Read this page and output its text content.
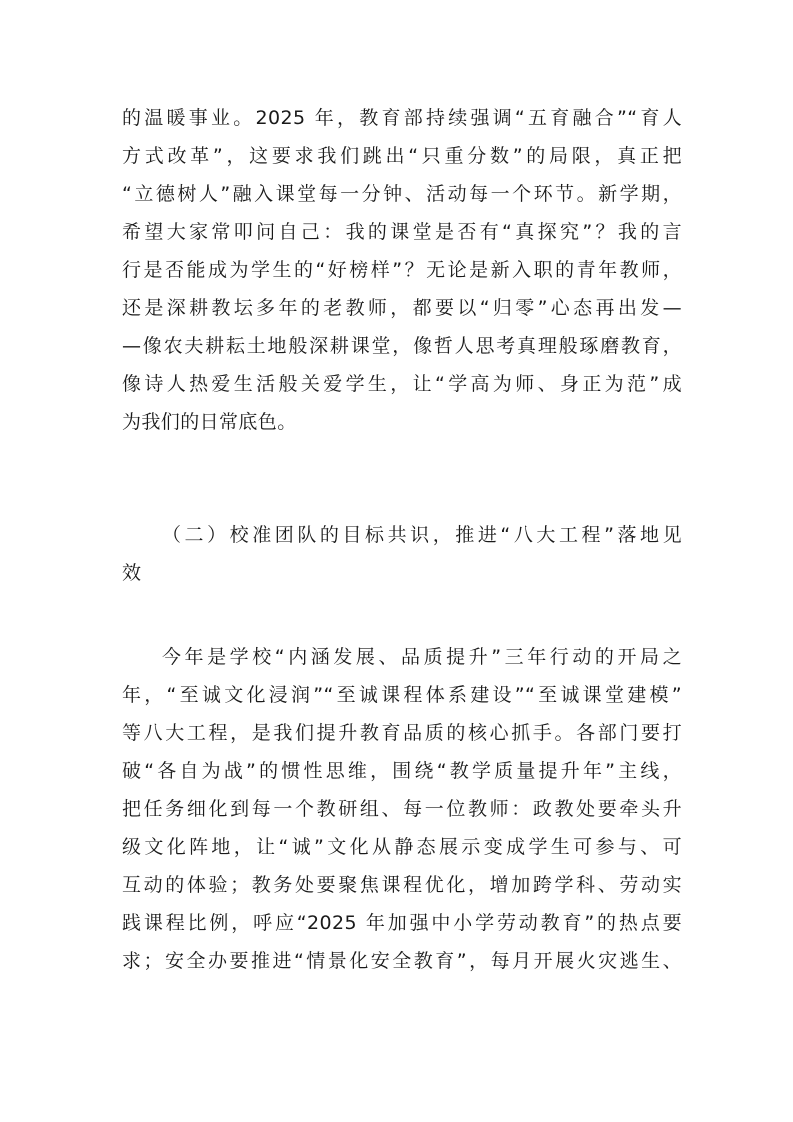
的温暖事业。2025 年，教育部持续强调“五育融合”“育人
方式改革”，这要求我们跳出“只重分数”的局限，真正把
“立德树人”融入课堂每一分钟、活动每一个环节。新学期，
希望大家常叩问自己：我的课堂是否有“真探究”？我的言
行是否能成为学生的“好榜样”？无论是新入职的青年教师，
还是深耕教坛多年的老教师，都要以“归零”心态再出发—
—像农夫耕耘土地般深耕课堂，像哲人思考真理般琢磨教育，
像诗人热爱生活般关爱学生，让“学高为师、身正为范”成
为我们的日常底色。
（二）校准团队的目标共识，推进“八大工程”落地见
效
今年是学校“内涵发展、品质提升”三年行动的开局之
年，“至诚文化浸润”“至诚课程体系建设”“至诚课堂建模”
等八大工程，是我们提升教育品质的核心抓手。各部门要打
破“各自为战”的惯性思维，围绕“教学质量提升年”主线，
把任务细化到每一个教研组、每一位教师：政教处要牵头升
级文化阵地，让“诚”文化从静态展示变成学生可参与、可
互动的体验；教务处要聚焦课程优化，增加跨学科、劳动实
践课程比例，呼应“2025 年加强中小学劳动教育”的热点要
求；安全办要推进“情景化安全教育”，每月开展火灾逃生、
